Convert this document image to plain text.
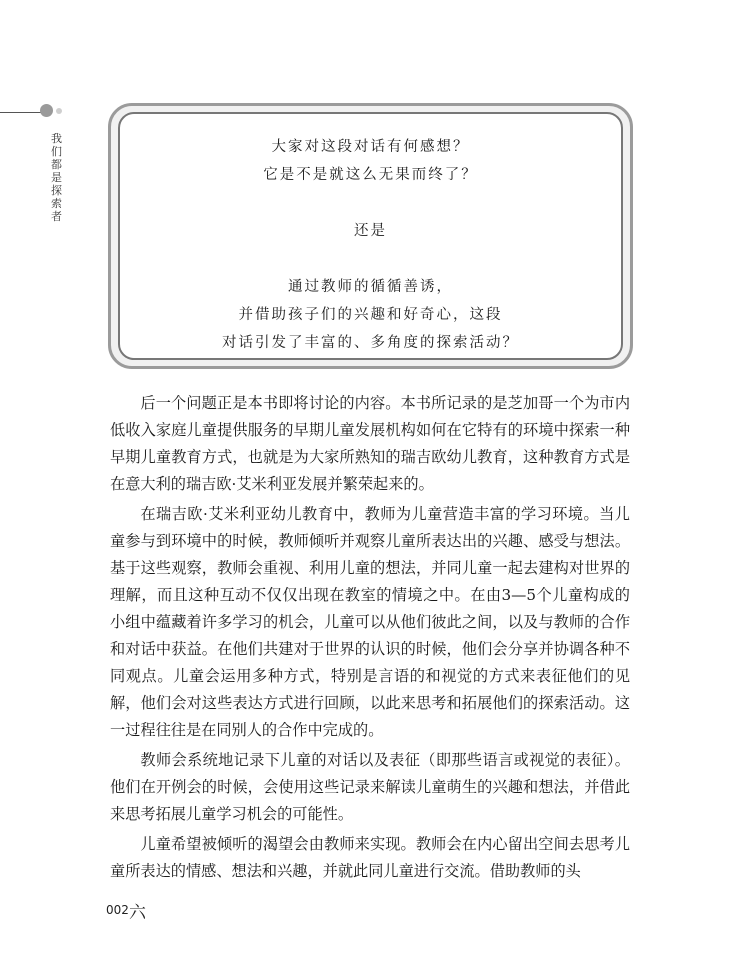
我们都是探索者
大家对这段对话有何感想？
它是不是就这么无果而终了？
还是
通过教师的循循善诱，
并借助孩子们的兴趣和好奇心，这段
对话引发了丰富的、多角度的探索活动？

后一个问题正是本书即将讨论的内容。本书所记录的是芝加哥一个为市内低收入家庭儿童提供服务的早期儿童发展机构如何在它特有的环境中探索一种早期儿童教育方式，也就是为大家所熟知的瑞吉欧幼儿教育，这种教育方式是在意大利的瑞吉欧·艾米利亚发展并繁荣起来的。

在瑞吉欧·艾米利亚幼儿教育中，教师为儿童营造丰富的学习环境。当儿童参与到环境中的时候，教师倾听并观察儿童所表达出的兴趣、感受与想法。基于这些观察，教师会重视、利用儿童的想法，并同儿童一起去建构对世界的理解，而且这种互动不仅仅出现在教室的情境之中。在由3—5个儿童构成的小组中蕴藏着许多学习的机会，儿童可以从他们彼此之间，以及与教师的合作和对话中获益。在他们共建对于世界的认识的时候，他们会分享并协调各种不同观点。儿童会运用多种方式，特别是言语的和视觉的方式来表征他们的见解，他们会对这些表达方式进行回顾，以此来思考和拓展他们的探索活动。这一过程往往是在同别人的合作中完成的。

教师会系统地记录下儿童的对话以及表征（即那些语言或视觉的表征）。他们在开例会的时候，会使用这些记录来解读儿童萌生的兴趣和想法，并借此来思考拓展儿童学习机会的可能性。

儿童希望被倾听的渴望会由教师来实现。教师会在内心留出空间去思考儿童所表达的情感、想法和兴趣，并就此同儿童进行交流。借助教师的头

002 六
